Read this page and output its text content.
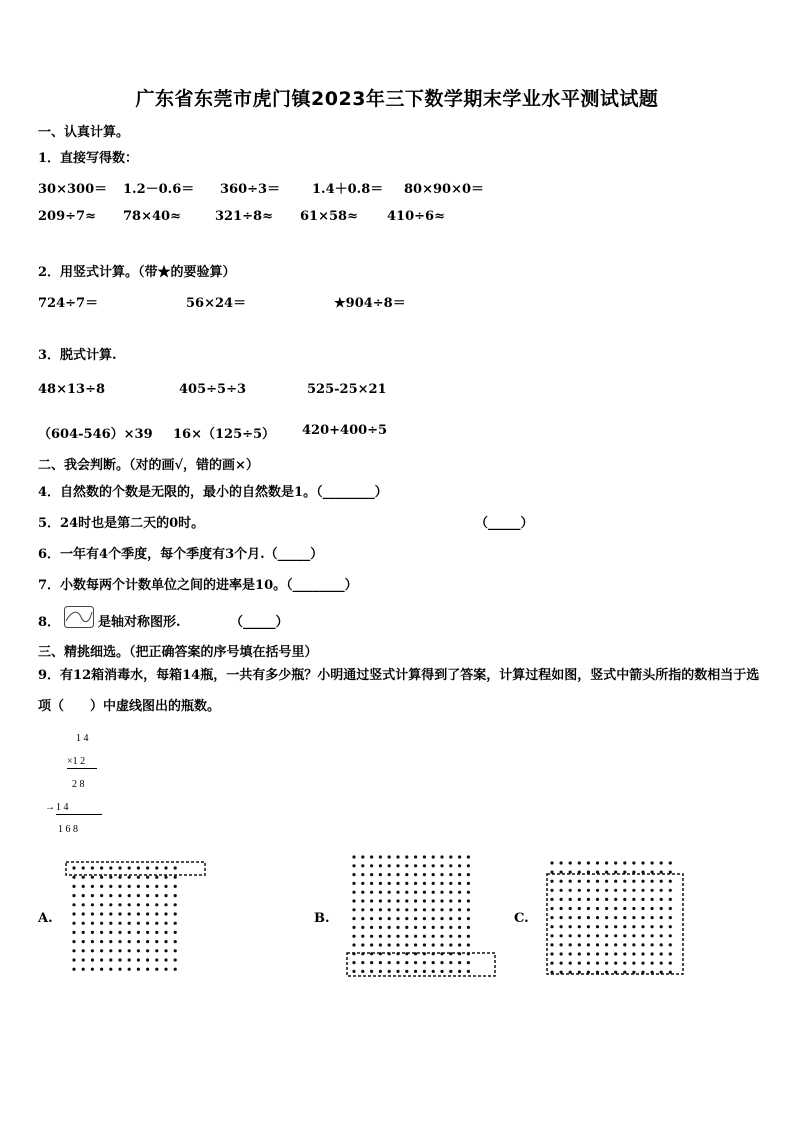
广东省东莞市虎门镇2023年三下数学期末学业水平测试试题
一、认真计算。
1．直接写得数：
30×300＝ 1.2－0.6＝ 360÷3＝ 1.4＋0.8＝ 80×90×0＝
209÷7≈ 78×40≈	321÷8≈ 61×58≈ 410÷6≈
2．用竖式计算。（带★的要验算）
724÷7＝	56×24＝	★904÷8＝
3．脱式计算.
48×13÷8	405÷5÷3	525-25×21
（604-546）×39 16×（125÷5） 420+400÷5
二、我会判断。（对的画√，错的画×）
4．自然数的个数是无限的，最小的自然数是1。（________）
5．24时也是第二天的0时。	（_____）
6．一年有4个季度，每个季度有3个月.（_____）
7．小数每两个计数单位之间的进率是10。（________）
8．	是轴对称图形.	（_____）
三、精挑细选。（把正确答案的序号填在括号里）
9．有12箱消毒水，每箱14瓶，一共有多少瓶？小明通过竖式计算得到了答案，计算过程如图，竖式中箭头所指的数相当于选项（　　）中虚线图出的瓶数。
1 4
×1 2
2 8
→ 1 4
1 6 8
A.	B.	C.
